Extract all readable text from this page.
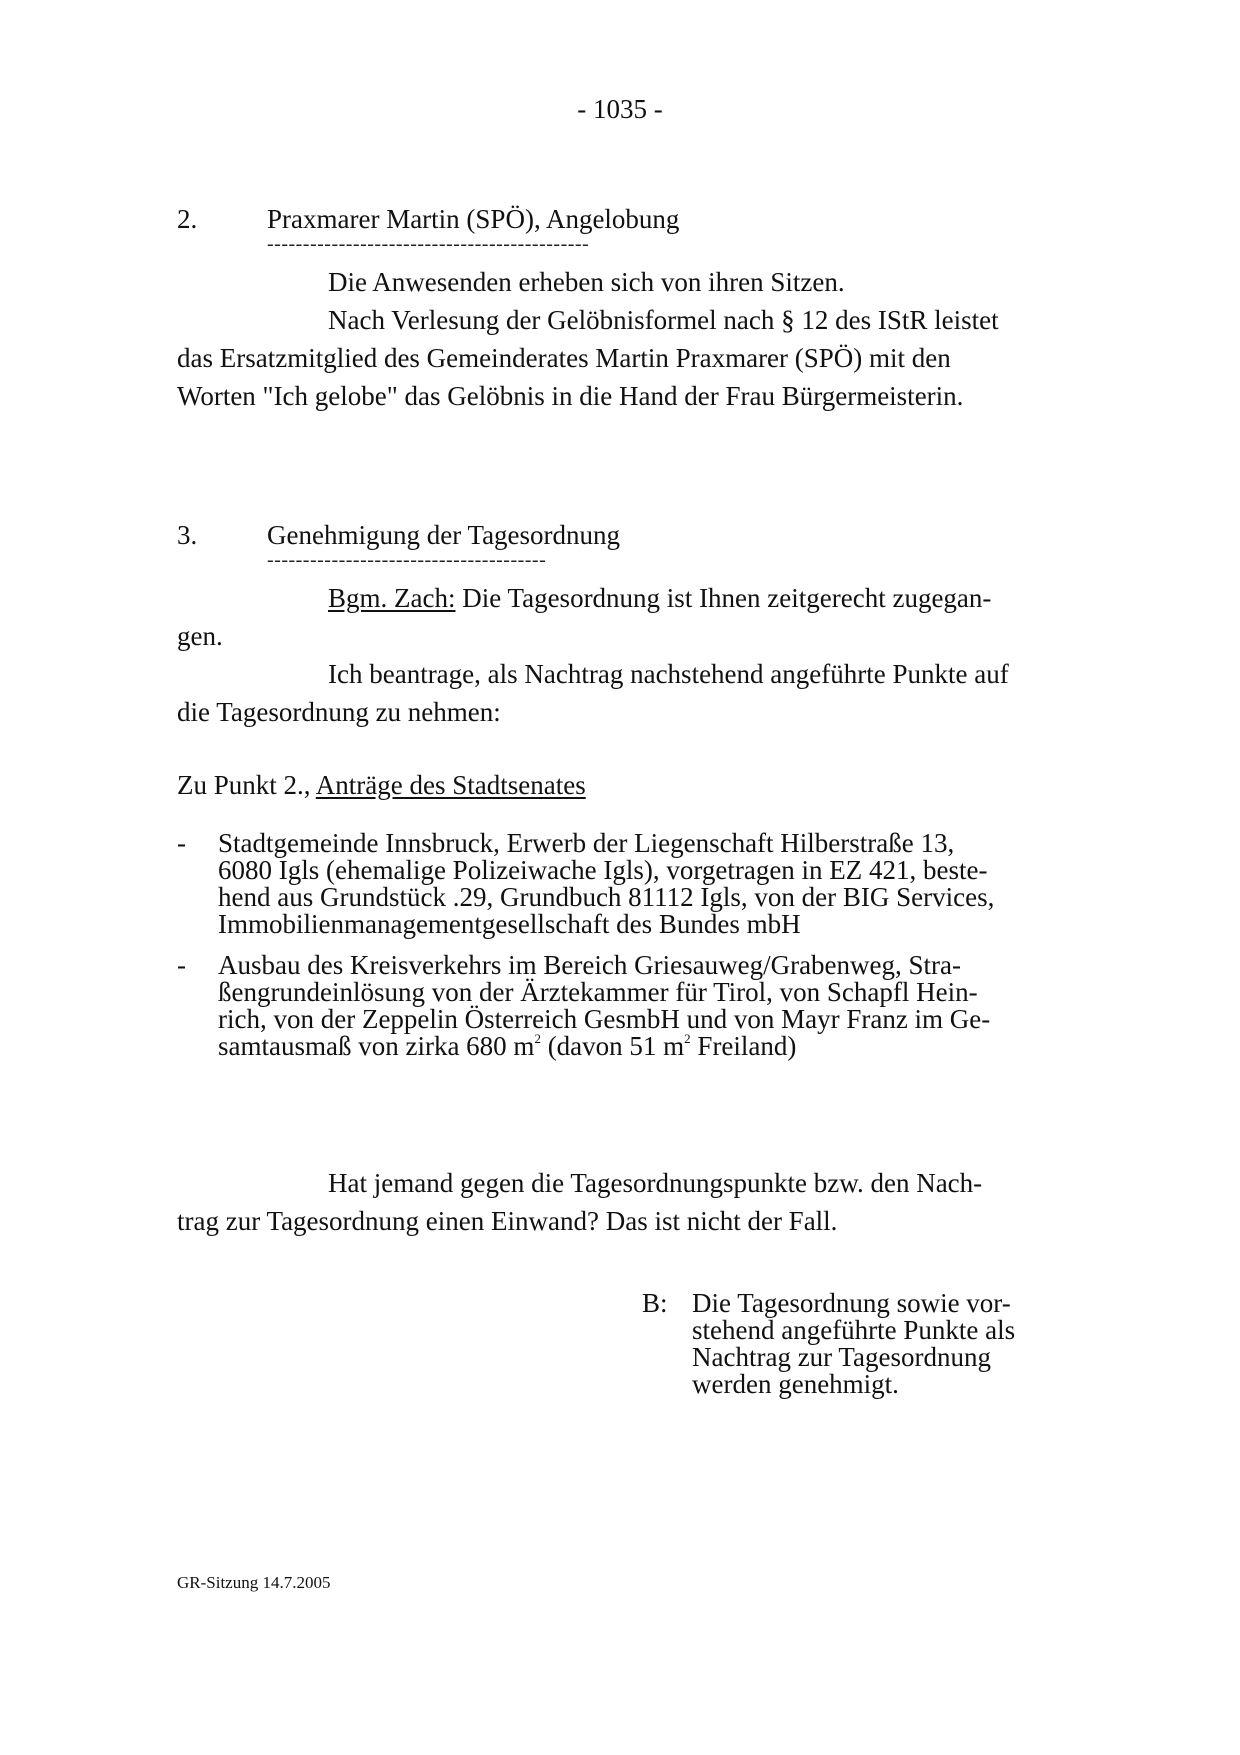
- 1035 -
2.	Praxmarer Martin (SPÖ), Angelobung
---------------------------------------------
Die Anwesenden erheben sich von ihren Sitzen.
Nach Verlesung der Gelöbnisformel nach § 12 des IStR leistet
das Ersatzmitglied des Gemeinderates Martin Praxmarer (SPÖ) mit den
Worten "Ich gelobe" das Gelöbnis in die Hand der Frau Bürgermeisterin.
3.	Genehmigung der Tagesordnung
---------------------------------------
Bgm. Zach: Die Tagesordnung ist Ihnen zeitgerecht zugegan-
gen.
Ich beantrage, als Nachtrag nachstehend angeführte Punkte auf
die Tagesordnung zu nehmen:
Zu Punkt 2., Anträge des Stadtsenates
- Stadtgemeinde Innsbruck, Erwerb der Liegenschaft Hilberstraße 13,
6080 Igls (ehemalige Polizeiwache Igls), vorgetragen in EZ 421, beste-
hend aus Grundstück .29, Grundbuch 81112 Igls, von der BIG Services,
Immobilienmanagementgesellschaft des Bundes mbH
- Ausbau des Kreisverkehrs im Bereich Griesauweg/Grabenweg, Stra-
ßengrundeinlösung von der Ärztekammer für Tirol, von Schapfl Hein-
rich, von der Zeppelin Österreich GesmbH und von Mayr Franz im Ge-
samtausmaß von zirka 680 $m^2$ (davon 51 $m^2$ Freiland)
Hat jemand gegen die Tagesordnungspunkte bzw. den Nach-
trag zur Tagesordnung einen Einwand? Das ist nicht der Fall.
B: Die Tagesordnung sowie vor-
stehend angeführte Punkte als
Nachtrag zur Tagesordnung
werden genehmigt.
GR-Sitzung 14.7.2005
